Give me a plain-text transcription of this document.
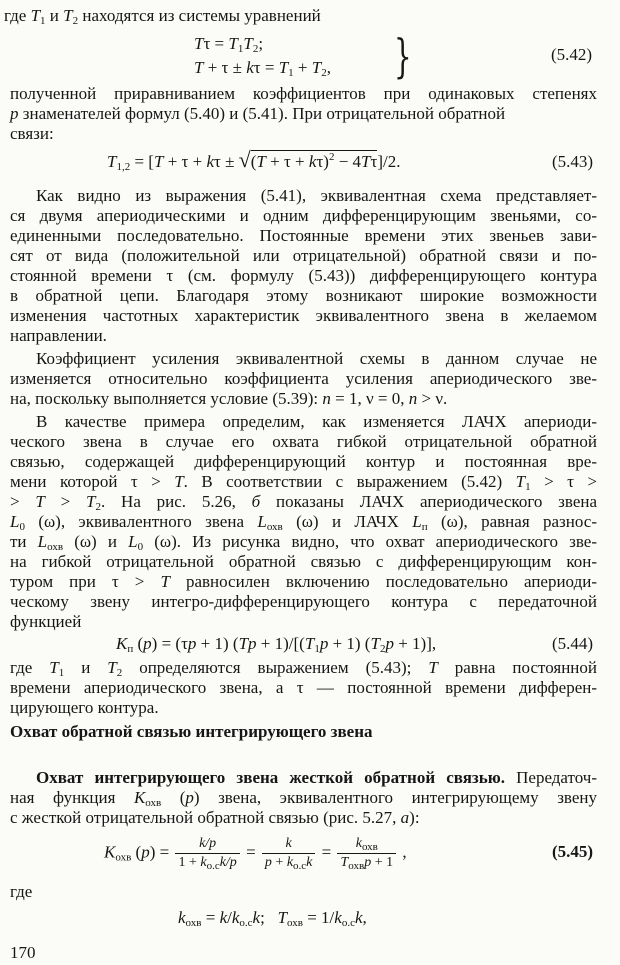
где $T_1$ и $T_2$ находятся из системы уравнений
$T\tau = T_1T_2$;
$T + \tau \pm k\tau = T_1 + T_2$, }	(5.42)
полученной приравниванием коэффициентов при одинаковых степенях
p знаменателей формул (5.40) и (5.41). При отрицательной обратной
связи:
$T_{1,2} = [T + \tau + k\tau \pm √(T + \tau + k\tau)^2 - 4T\tau]/2$.	(5.43)
Как видно из выражения (5.41), эквивалентная схема представляет-
ся двумя апериодическими и одним дифференцирующим звеньями, со-
единенными последовательно. Постоянные времени этих звеньев зави-
сят от вида (положительной или отрицательной) обратной связи и по-
стоянной времени τ (см. формулу (5.43)) дифференцирующего контура
в обратной цепи. Благодаря этому возникают широкие возможности
изменения частотных характеристик эквивалентного звена в желаемом
направлении.
Коэффициент усиления эквивалентной схемы в данном случае не
изменяется относительно коэффициента усиления апериодического зве-
на, поскольку выполняется условие (5.39): n = 1, ν = 0, n > ν.
В качестве примера определим, как изменяется ЛАЧХ апериоди-
ческого звена в случае его охвата гибкой отрицательной обратной
связью, содержащей дифференцирующий контур и постоянная вре-
мени которой τ > T. В соответствии с выражением (5.42) $T_1 > \tau$ >
> $T > T_2$. На рис. 5.26, б показаны ЛАЧХ апериодического звена
$L_0$ (ω), эквивалентного звена $L_{охв}$ (ω) и ЛАЧХ $L_п$ (ω), равная разнос-
ти $L_{охв}$ (ω) и $L_0$ (ω). Из рисунка видно, что охват апериодического зве-
на гибкой отрицательной обратной связью с дифференцирующим кон-
туром при τ > T равносилен включению последовательно апериоди-
ческому звену интегро-дифференцирующего контура с передаточной
функцией
$K_п$ (p) = (τp + 1) $(Tp + 1)/[(T_1p + 1)$ $(T_2p + 1)$],	(5.44)
где $T_1$ и $T_2$ определяются выражением (5.43); T равна постоянной
времени апериодического звена, а τ — постоянной времени дифферен-
цирующего контура.
Охват обратной связью интегрирующего звена
Охват интегрирующего звена жесткой обратной связью. Передаточ-
ная функция $K_{охв}$ (p) звена, эквивалентного интегрирующему звену
с жесткой отрицательной обратной связью (рис. 5.27, а):
$K_{охв}$ $(p) = \frac{k/p}{1 + k_{о.с}k/p} = \frac{k}{p + k_{о.с}k} = \frac{k_{охв}}{T_{охв}p + 1}$ ,	(5.45)
где
$k_{охв} = k/k_{о.с}k$;   $T_{охв} = 1/k_{о.с}k$,
170
